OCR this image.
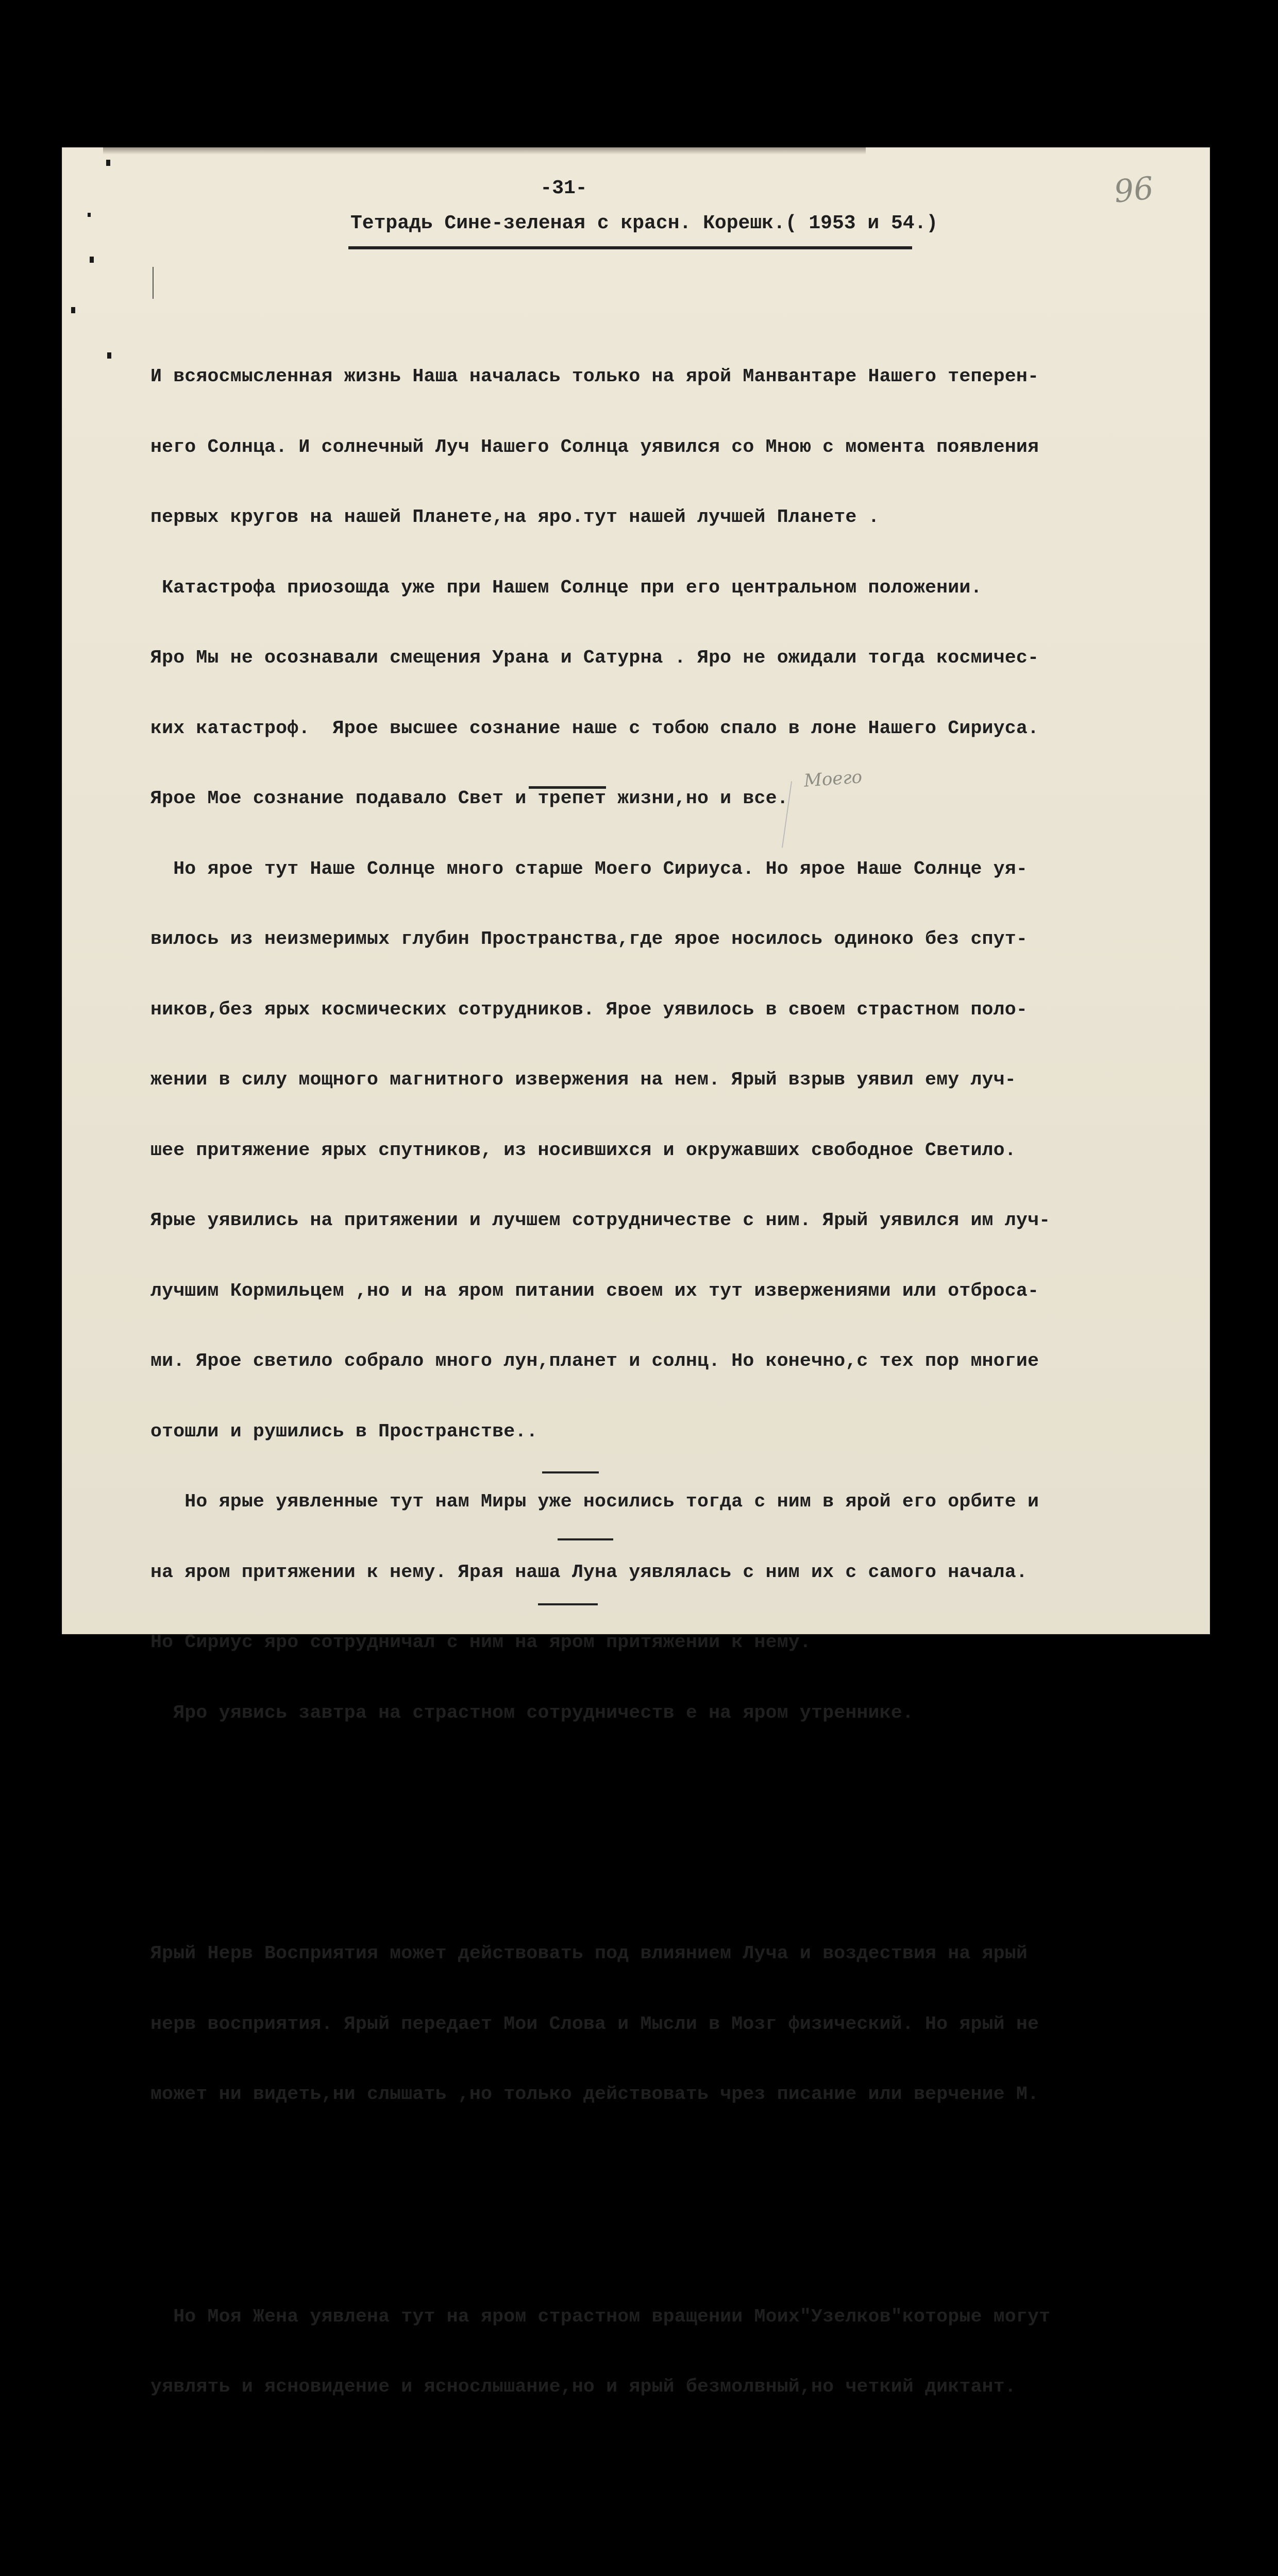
-31-	96
Тетрадь Сине-зеленая с красн. Корешк.( 1953 и 54.)
Моего

И всяосмысленная жизнь Наша началась только на ярой Манвантаре Нашего теперен-

него Солнца. И солнечный Луч Нашего Солнца уявился со Мною с момента появления

первых кругов на нашей Планете,на яро.тут нашей лучшей Планете .

Катастрофа приозошда уже при Нашем Солнце при его центральном положении.

Яро Мы не осознавали смещения Урана и Сатурна . Яро не ожидали тогда космичес-

ких катастроф.  Ярое высшее сознание наше с тобою спало в лоне Нашего Сириуса.

Ярое Мое сознание подавало Свет и трепет жизни,но и все.

Но ярое тут Наше Солнце много старше Моего Сириуса. Но ярое Наше Солнце уя-

вилось из неизмеримых глубин Пространства,где ярое носилось одиноко без спут-

ников,без ярых космических сотрудников. Ярое уявилось в своем страстном поло-

жении в силу мощного магнитного извержения на нем. Ярый взрыв уявил ему луч-

шее притяжение ярых спутников, из носившихся и окружавших свободное Светило.

Ярые уявились на притяжении и лучшем сотрудничестве с ним. Ярый уявился им луч-

лучшим Кормильцем ,но и на яром питании своем их тут извержениями или отброса-

ми. Ярое светило собрало много лун,планет и солнц. Но конечно,с тех пор многие

отошли и рушились в Пространстве..

Но ярые уявленные тут нам Миры уже носились тогда с ним в ярой его орбите и

на яром притяжении к нему. Ярая наша Луна уявлялась с ним их с самого начала.

Но Сириус яро сотрудничал с ним на яром притяжении к нему.

Яро уявись завтра на страстном сотрудничеств е на яром утреннике.

Ярый Нерв Восприятия может действовать под влиянием Луча и воздествия на ярый

нерв восприятия. Ярый передает Мои Слова и Мысли в Мозг физический. Но ярый не

может ни видеть,ни слышать ,но только действовать чрез писание или верчение М.

Но Моя Жена уявлена тут на яром страстном вращении Моих"Узелков"которые могут

уявлять и ясновидение и яснослышание,но и ярый безмолвный,но четкий диктант.
